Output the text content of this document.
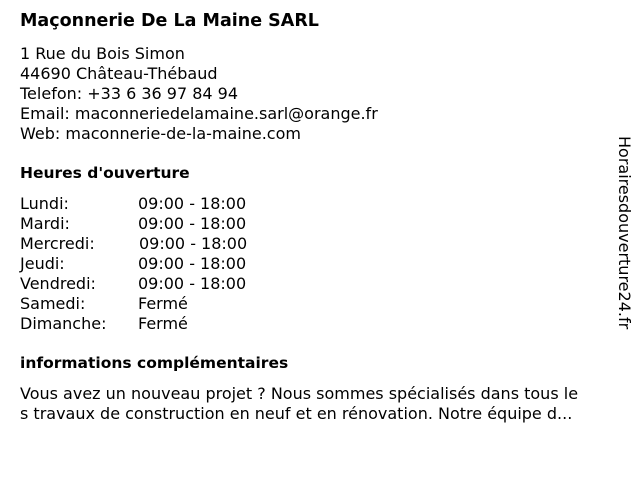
Maçonnerie De La Maine SARL
1 Rue du Bois Simon
44690 Château-Thébaud
Telefon: +33 6 36 97 84 94
Email: maconneriedelamaine.sarl@orange.fr
Web: maconnerie-de-la-maine.com
Heures d'ouverture
Lundi:	09:00 - 18:00
Mardi:	09:00 - 18:00
Mercredi:	09:00 - 18:00
Jeudi:	09:00 - 18:00
Vendredi:	09:00 - 18:00
Samedi:	Fermé
Dimanche: Fermé
informations complémentaires
Vous avez un nouveau projet ? Nous sommes spécialisés dans tous le
s travaux de construction en neuf et en rénovation. Notre équipe d...
Horairesdouverture24.fr
